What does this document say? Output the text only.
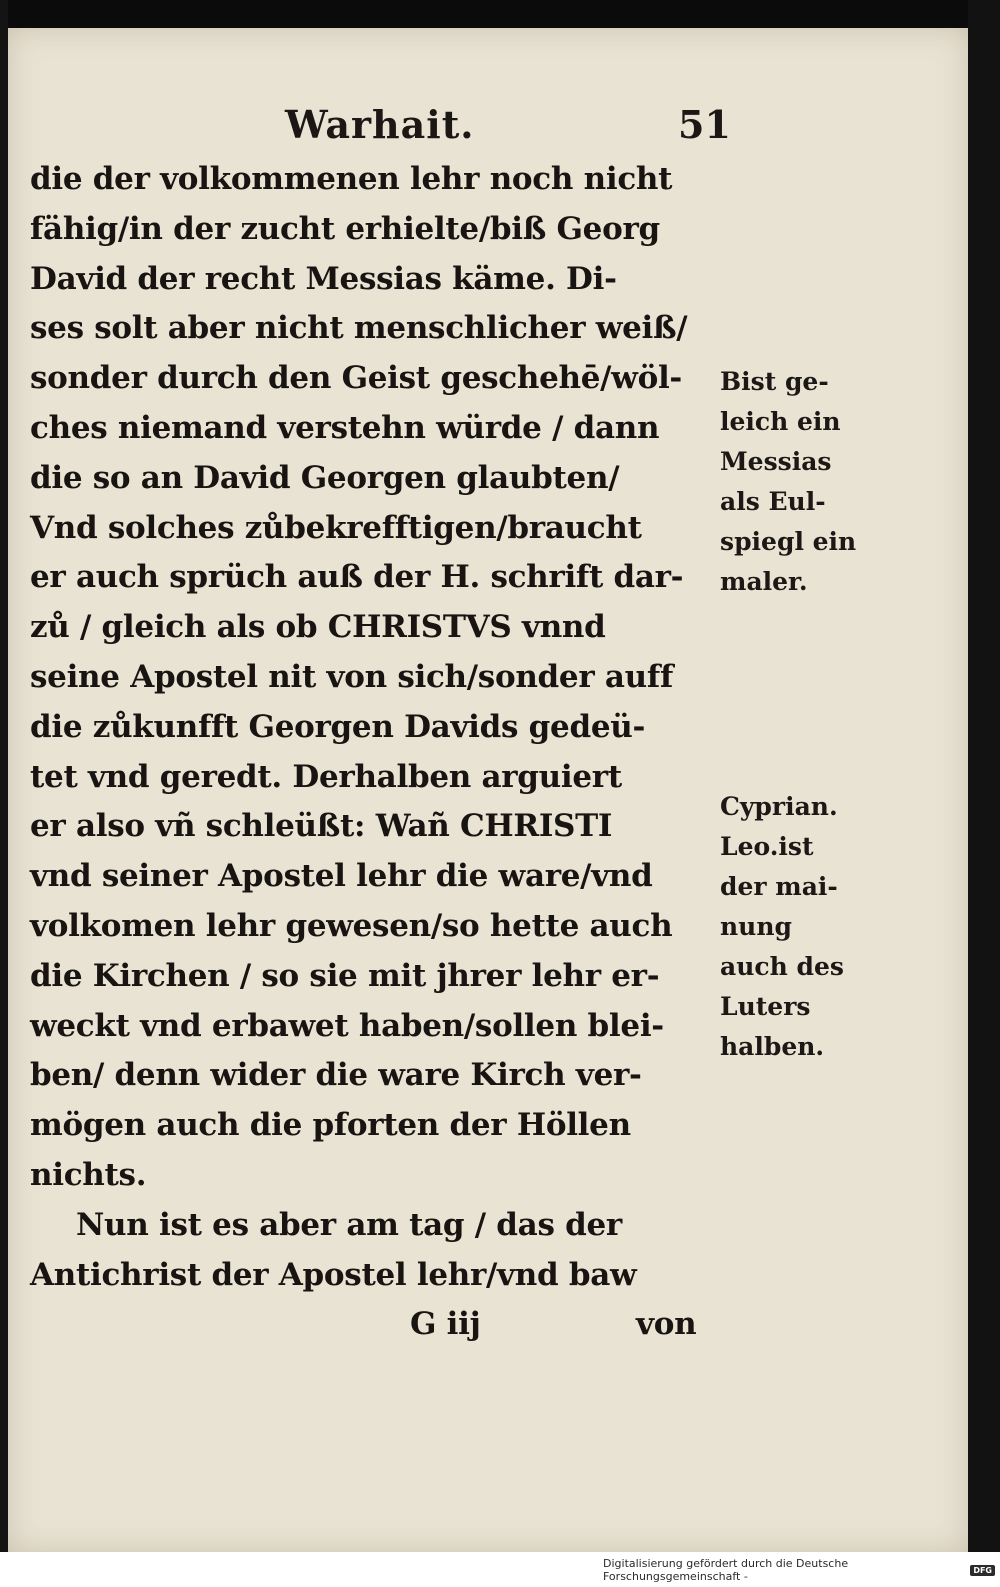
Warhait.	51
die der volkommenen lehr noch nicht
fähig/in der zucht erhielte/biß Georg
David der recht Messias käme. Di-
ses solt aber nicht menschlicher weiß/
sonder durch den Geist geschehē/wöl-
ches niemand verstehn würde / dann
die so an David Georgen glaubten/
Vnd solches zůbekrefftigen/braucht
er auch sprüch auß der H. schrift dar-
zů / gleich als ob CHRISTVS vnnd
seine Apostel nit von sich/sonder auff
die zůkunfft Georgen Davids gedeü-
tet vnd geredt. Derhalben arguiert
er also vñ schleüßt: Wañ CHRISTI
vnd seiner Apostel lehr die ware/vnd
volkomen lehr gewesen/so hette auch
die Kirchen / so sie mit jhrer lehr er-
weckt vnd erbawet haben/sollen blei-
ben/ denn wider die ware Kirch ver-
mögen auch die pforten der Höllen
nichts.
Nun ist es aber am tag / das der
Antichrist der Apostel lehr/vnd baw
G iij	von
Bist ge-
leich ein
Messias
als Eul-
spiegl ein
maler.
Cyprian.
Leo.ist
der mai-
nung
auch des
Luters
halben.
Digitalisierung gefördert durch die Deutsche Forschungsgemeinschaft -	DFG
